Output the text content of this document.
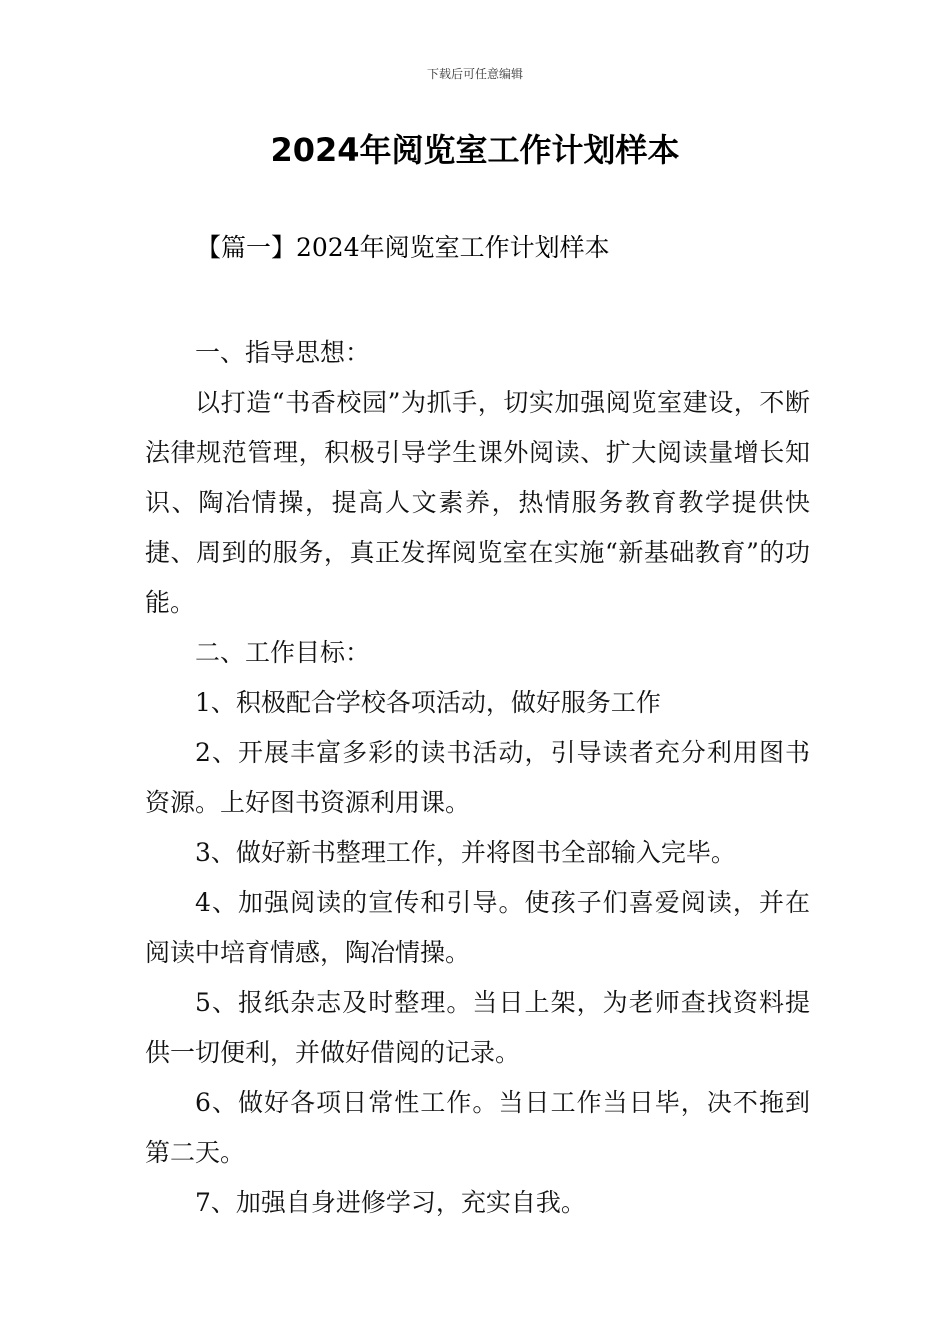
下载后可任意编辑
2024年阅览室工作计划样本
【篇一】2024年阅览室工作计划样本

一、指导思想：

以打造“书香校园”为抓手，切实加强阅览室建设，不断法律规范管理，积极引导学生课外阅读、扩大阅读量增长知识、陶冶情操，提高人文素养，热情服务教育教学提供快捷、周到的服务，真正发挥阅览室在实施“新基础教育”的功能。

二、工作目标：

1、积极配合学校各项活动，做好服务工作

2、开展丰富多彩的读书活动，引导读者充分利用图书资源。上好图书资源利用课。

3、做好新书整理工作，并将图书全部输入完毕。

4、加强阅读的宣传和引导。使孩子们喜爱阅读，并在阅读中培育情感，陶冶情操。

5、报纸杂志及时整理。当日上架，为老师查找资料提供一切便利，并做好借阅的记录。

6、做好各项日常性工作。当日工作当日毕，决不拖到第二天。

7、加强自身进修学习，充实自我。
